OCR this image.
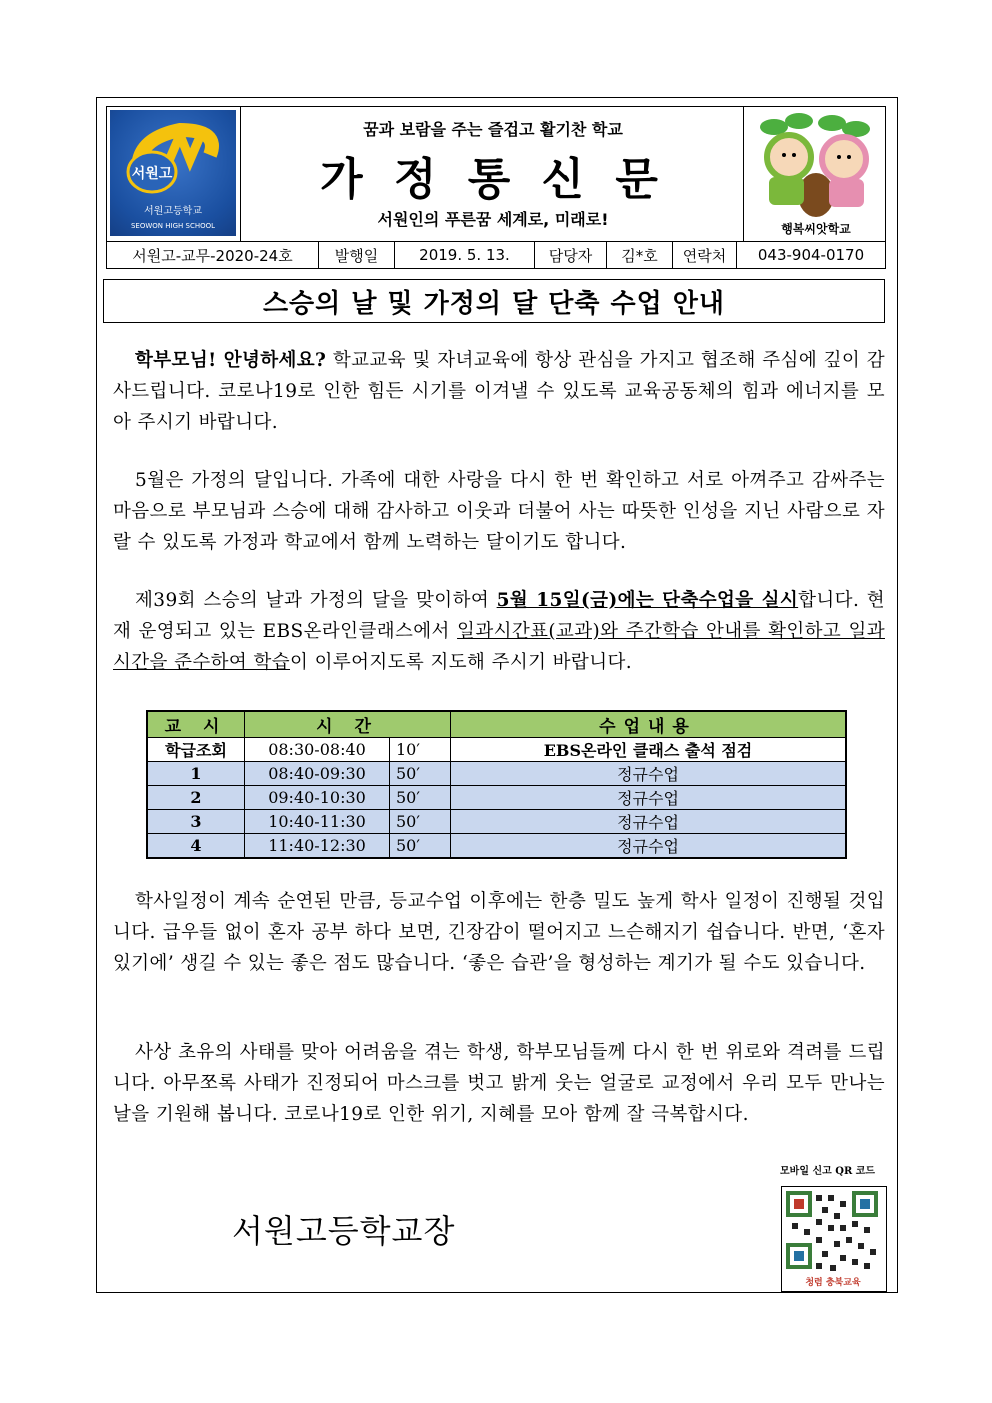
서원고
서원고등학교
SEOWON HIGH SCHOOL
꿈과 보람을 주는 즐겁고 활기찬 학교
가 정 통 신 문
서원인의 푸른꿈 세계로, 미래로!	행복씨앗학교
서원고-교무-2020-24호	발행일	2019. 5. 13.	담당자	김*호	연락처	043-904-0170
스승의 날 및 가정의 달 단축 수업 안내
학부모님! 안녕하세요? 학교교육 및 자녀교육에 항상 관심을 가지고 협조해 주심에 깊이 감사드립니다. 코로나19로 인한 힘든 시기를 이겨낼 수 있도록 교육공동체의 힘과 에너지를 모아 주시기 바랍니다.
5월은 가정의 달입니다. 가족에 대한 사랑을 다시 한 번 확인하고 서로 아껴주고 감싸주는 마음으로 부모님과 스승에 대해 감사하고 이웃과 더불어 사는 따뜻한 인성을 지닌 사람으로 자랄 수 있도록 가정과 학교에서 함께 노력하는 달이기도 합니다.
제39회 스승의 날과 가정의 달을 맞이하여 5월 15일(금)에는 단축수업을 실시합니다. 현재 운영되고 있는 EBS온라인클래스에서 일과시간표(교과)와 주간학습 안내를 확인하고 일과시간을 준수하여 학습이 이루어지도록 지도해 주시기 바랍니다.
교 시	시 간		수업내용
학급조회	08:30-08:40	10′	EBS온라인 클래스 출석 점검
1	08:40-09:30	50′	정규수업
2	09:40-10:30	50′	정규수업
3	10:40-11:30	50′	정규수업
4	11:40-12:30	50′	정규수업
학사일정이 계속 순연된 만큼, 등교수업 이후에는 한층 밀도 높게 학사 일정이 진행될 것입니다. 급우들 없이 혼자 공부 하다 보면, 긴장감이 떨어지고 느슨해지기 쉽습니다. 반면, ‘혼자 있기에’ 생길 수 있는 좋은 점도 많습니다. ‘좋은 습관’을 형성하는 계기가 될 수도 있습니다.
사상 초유의 사태를 맞아 어려움을 겪는 학생, 학부모님들께 다시 한 번 위로와 격려를 드립니다. 아무쪼록 사태가 진정되어 마스크를 벗고 밝게 웃는 얼굴로 교정에서 우리 모두 만나는 날을 기원해 봅니다. 코로나19로 인한 위기, 지혜를 모아 함께 잘 극복합시다.
모바일 신고 QR 코드
청렴 충북교육
서원고등학교장
